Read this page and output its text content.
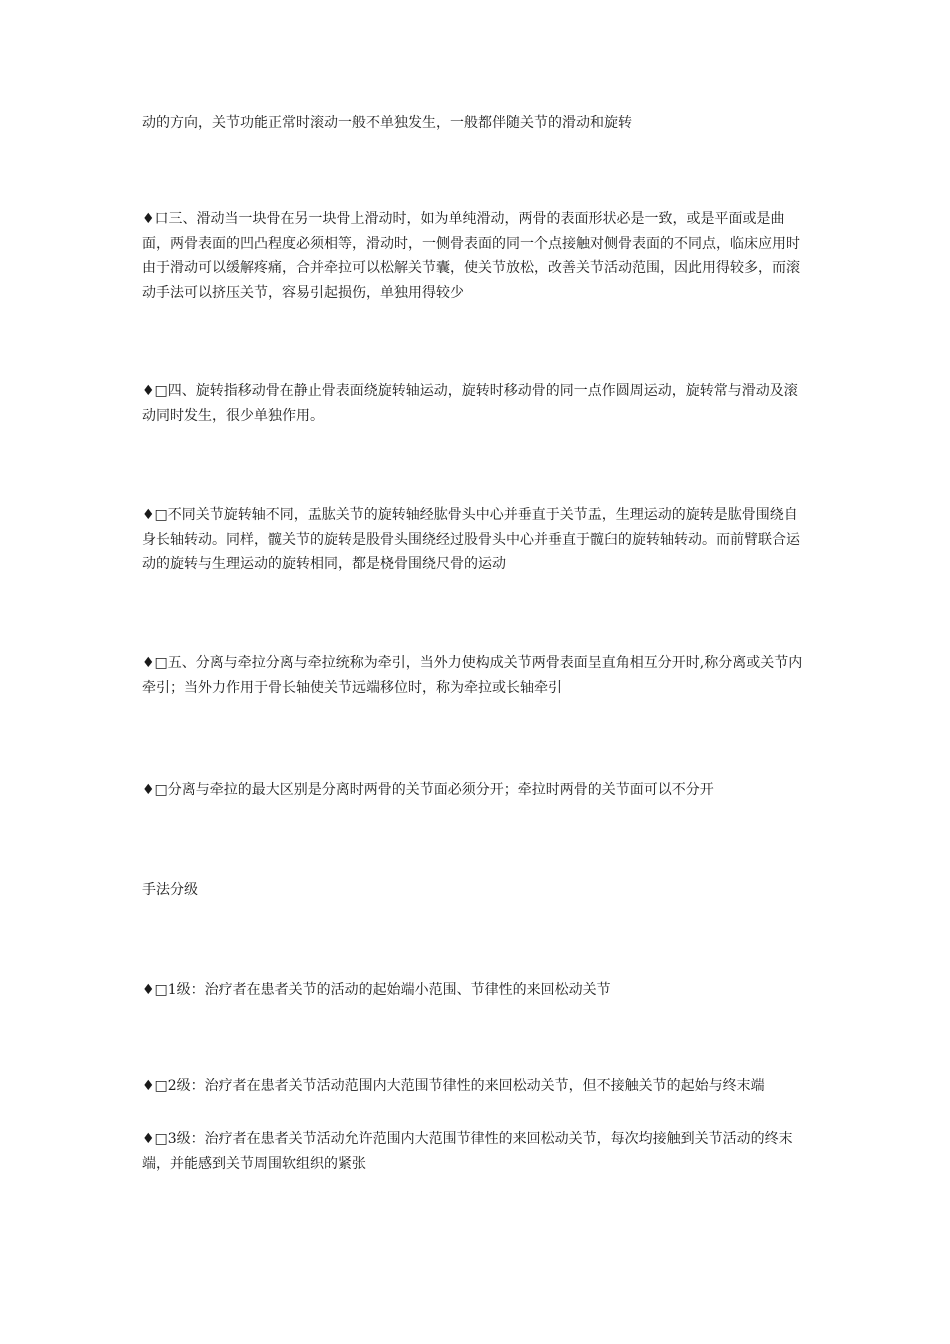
动的方向，关节功能正常时滚动一般不单独发生，一般都伴随关节的滑动和旋转

♦口三、滑动当一块骨在另一块骨上滑动时，如为单纯滑动，两骨的表面形状必是一致，或是平面或是曲面，两骨表面的凹凸程度必须相等，滑动时，一侧骨表面的同一个点接触对侧骨表面的不同点，临床应用时由于滑动可以缓解疼痛，合并牵拉可以松解关节囊，使关节放松，改善关节活动范围，因此用得较多，而滚动手法可以挤压关节，容易引起损伤，单独用得较少

♦□四、旋转指移动骨在静止骨表面绕旋转轴运动，旋转时移动骨的同一点作圆周运动，旋转常与滑动及滚动同时发生，很少单独作用。

♦□不同关节旋转轴不同，盂肱关节的旋转轴经肱骨头中心并垂直于关节盂，生理运动的旋转是肱骨围绕自身长轴转动。同样，髋关节的旋转是股骨头围绕经过股骨头中心并垂直于髋臼的旋转轴转动。而前臂联合运动的旋转与生理运动的旋转相同，都是桡骨围绕尺骨的运动

♦□五、分离与牵拉分离与牵拉统称为牵引，当外力使构成关节两骨表面呈直角相互分开时,称分离或关节内牵引；当外力作用于骨长轴使关节远端移位时，称为牵拉或长轴牵引

♦□分离与牵拉的最大区别是分离时两骨的关节面必须分开；牵拉时两骨的关节面可以不分开

手法分级

♦□1级：治疗者在患者关节的活动的起始端小范围、节律性的来回松动关节

♦□2级：治疗者在患者关节活动范围内大范围节律性的来回松动关节，但不接触关节的起始与终末端

♦□3级：治疗者在患者关节活动允许范围内大范围节律性的来回松动关节，每次均接触到关节活动的终末端，并能感到关节周围软组织的紧张
